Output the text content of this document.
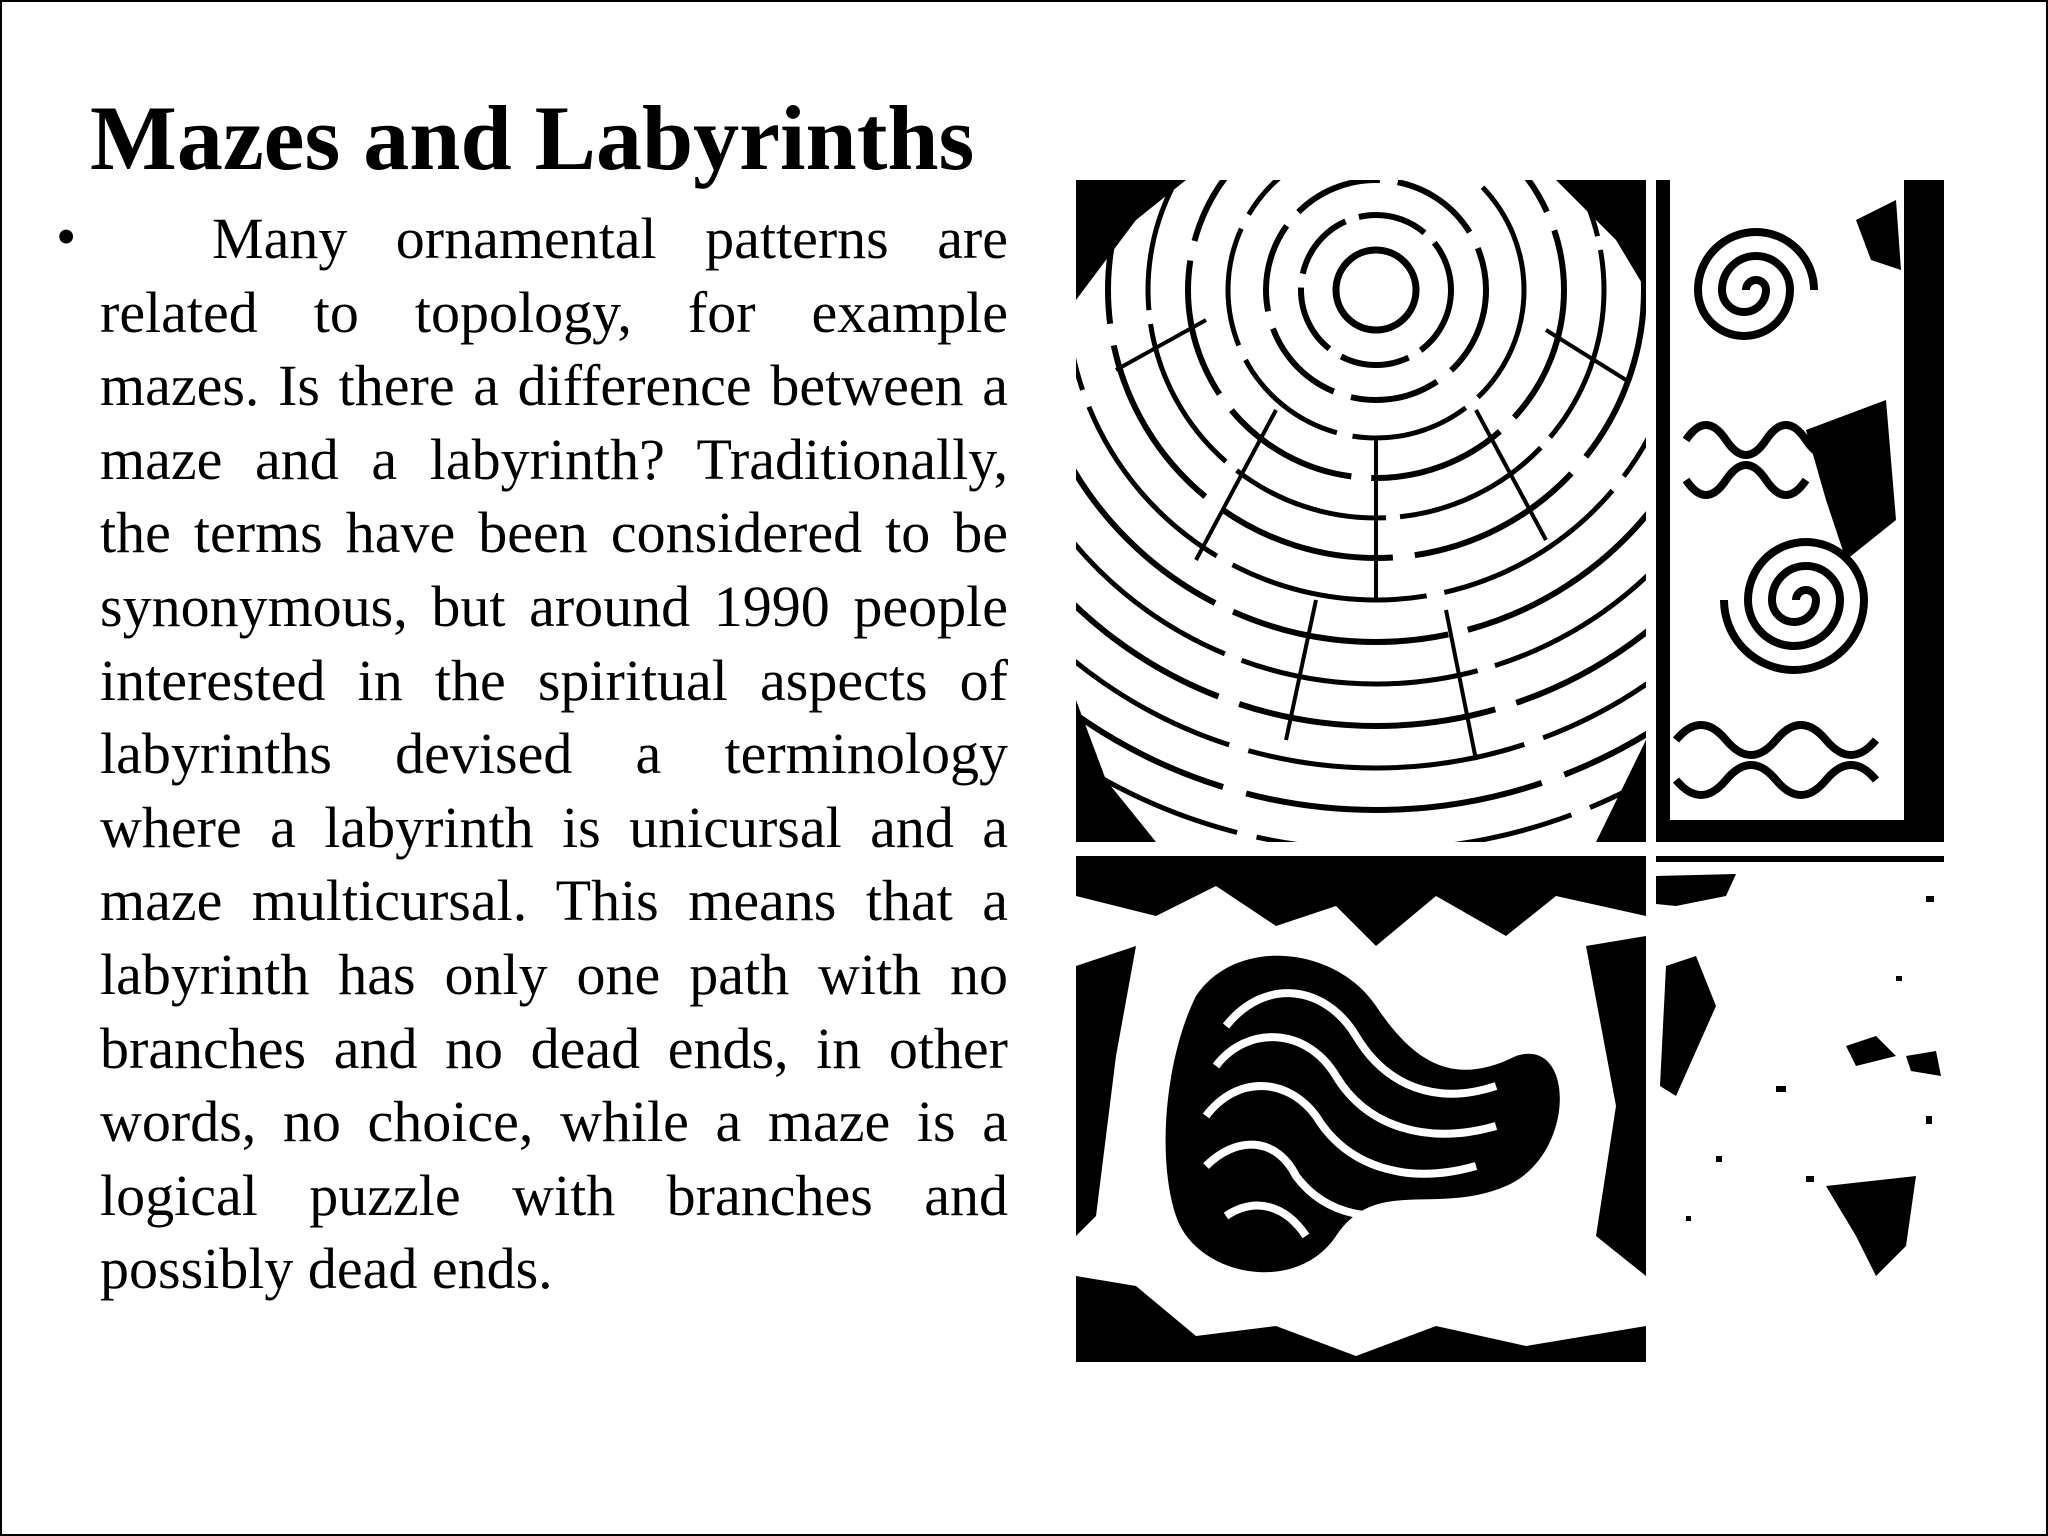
Mazes and Labyrinths
•	Many ornamental patterns are related to topology, for example mazes. Is there a difference between a maze and a labyrinth? Traditionally, the terms have been considered to be synonymous, but around 1990 people interested in the spiritual aspects of labyrinths devised a terminology where a labyrinth is unicursal and a maze multicursal. This means that a labyrinth has only one path with no branches and no dead ends, in other words, no choice, while a maze is a logical puzzle with branches and possibly dead ends.
